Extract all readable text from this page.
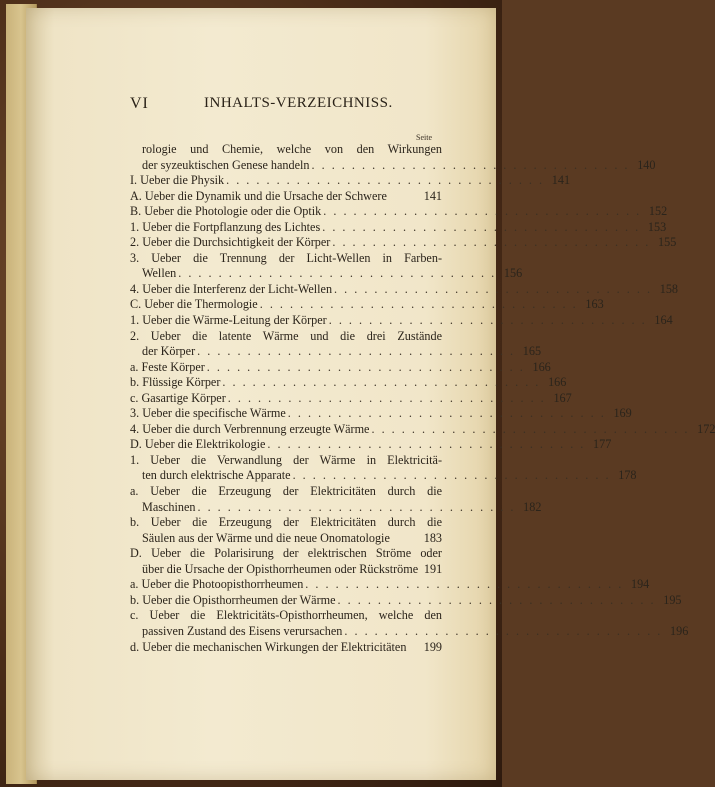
VI	INHALTS-VERZEICHNISS.
Seite
rologie und Chemie, welche von den Wirkungen
der syzeuktischen Genese handeln . . . . . . . . . . . . . . . . . . . . . . . . . . . . . . . . 140
I. Ueber die Physik . . . . . . . . . . . . . . . . . . . . . . . . . . . . . . . . 141
A. Ueber die Dynamik und die Ursache der Schwere	141
B. Ueber die Photologie oder die Optik . . . . . . . . . . . . . . . . . . . . . . . . . . . . . . . . 152
1. Ueber die Fortpflanzung des Lichtes . . . . . . . . . . . . . . . . . . . . . . . . . . . . . . . . 153
2. Ueber die Durchsichtigkeit der Körper . . . . . . . . . . . . . . . . . . . . . . . . . . . . . . . . 155
3. Ueber die Trennung der Licht-Wellen in Farben-
Wellen . . . . . . . . . . . . . . . . . . . . . . . . . . . . . . . . 156
4. Ueber die Interferenz der Licht-Wellen . . . . . . . . . . . . . . . . . . . . . . . . . . . . . . . . 158
C. Ueber die Thermologie . . . . . . . . . . . . . . . . . . . . . . . . . . . . . . . . 163
1. Ueber die Wärme-Leitung der Körper . . . . . . . . . . . . . . . . . . . . . . . . . . . . . . . . 164
2. Ueber die latente Wärme und die drei Zustände
der Körper . . . . . . . . . . . . . . . . . . . . . . . . . . . . . . . . 165
a. Feste Körper . . . . . . . . . . . . . . . . . . . . . . . . . . . . . . . . 166
b. Flüssige Körper . . . . . . . . . . . . . . . . . . . . . . . . . . . . . . . . 166
c. Gasartige Körper . . . . . . . . . . . . . . . . . . . . . . . . . . . . . . . . 167
3. Ueber die specifische Wärme . . . . . . . . . . . . . . . . . . . . . . . . . . . . . . . . 169
4. Ueber die durch Verbrennung erzeugte Wärme . . . . . . . . . . . . . . . . . . . . . . . . . . . . . . . . 172
D. Ueber die Elektrikologie . . . . . . . . . . . . . . . . . . . . . . . . . . . . . . . . 177
1. Ueber die Verwandlung der Wärme in Elektricitä-
ten durch elektrische Apparate . . . . . . . . . . . . . . . . . . . . . . . . . . . . . . . . 178
a. Ueber die Erzeugung der Elektricitäten durch die
Maschinen . . . . . . . . . . . . . . . . . . . . . . . . . . . . . . . . 182
b. Ueber die Erzeugung der Elektricitäten durch die
Säulen aus der Wärme und die neue Onomatologie	183
D. Ueber die Polarisirung der elektrischen Ströme oder
über die Ursache der Opisthorrheumen oder Rückströme 191
a. Ueber die Photoopisthorrheumen . . . . . . . . . . . . . . . . . . . . . . . . . . . . . . . . 194
b. Ueber die Opisthorrheumen der Wärme . . . . . . . . . . . . . . . . . . . . . . . . . . . . . . . . 195
c. Ueber die Elektricitäts-Opisthorrheumen, welche den
passiven Zustand des Eisens verursachen . . . . . . . . . . . . . . . . . . . . . . . . . . . . . . . . 196
d. Ueber die mechanischen Wirkungen der Elektricitäten	199
